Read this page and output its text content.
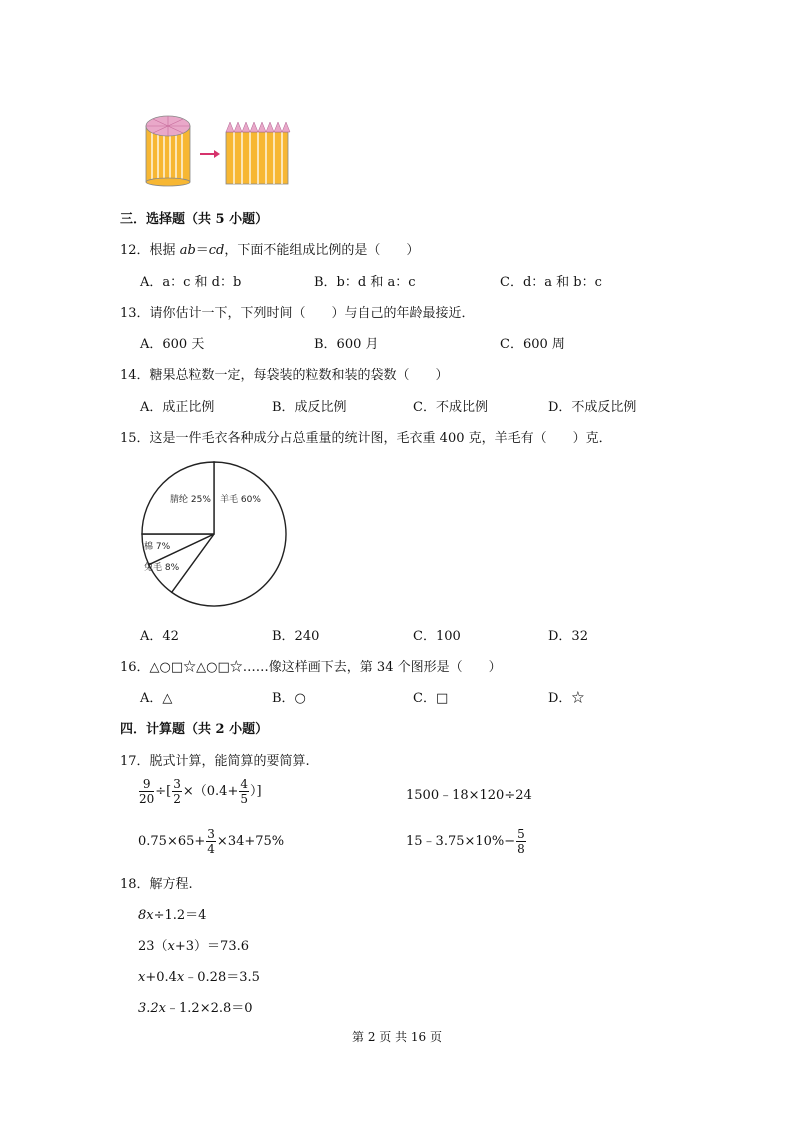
三．选择题（共 5 小题）
12．根据 ab＝cd，下面不能组成比例的是（　　）
A．a：c 和 d：b	B．b：d 和 a：c	C．d：a 和 b：c
13．请你估计一下，下列时间（　　）与自己的年龄最接近．
A．600 天	B．600 月	C．600 周
14．糖果总粒数一定，每袋装的粒数和装的袋数（　　）
A．成正比例	B．成反比例	C．不成比例	D．不成反比例
15．这是一件毛衣各种成分占总重量的统计图，毛衣重 400 克，羊毛有（　　）克．
羊毛 60%
兔毛 8%
棉 7%
腈纶 25%
A．42	B．240	C．100	D．32
16．△○□☆△○□☆……像这样画下去，第 34 个图形是（　　）
A．△	B．○	C．□	D．☆
四．计算题（共 2 小题）
17．脱式计算，能简算的要简算.
$\frac{9}{20}$ ÷[ $\frac{3}{2} \times(0.4+ \frac{4}{5}$ ）]	1500﹣18×120÷24
$0.75\times 65+ \frac{3}{4} \times 34+75\%$	15﹣3.75×10%− $\frac{5}{8}$
18．解方程.
8x÷1.2＝4
23（x+3）＝73.6
x+0.4x﹣0.28＝3.5
3.2x﹣1.2×2.8＝0
第 2 页 共 16 页
